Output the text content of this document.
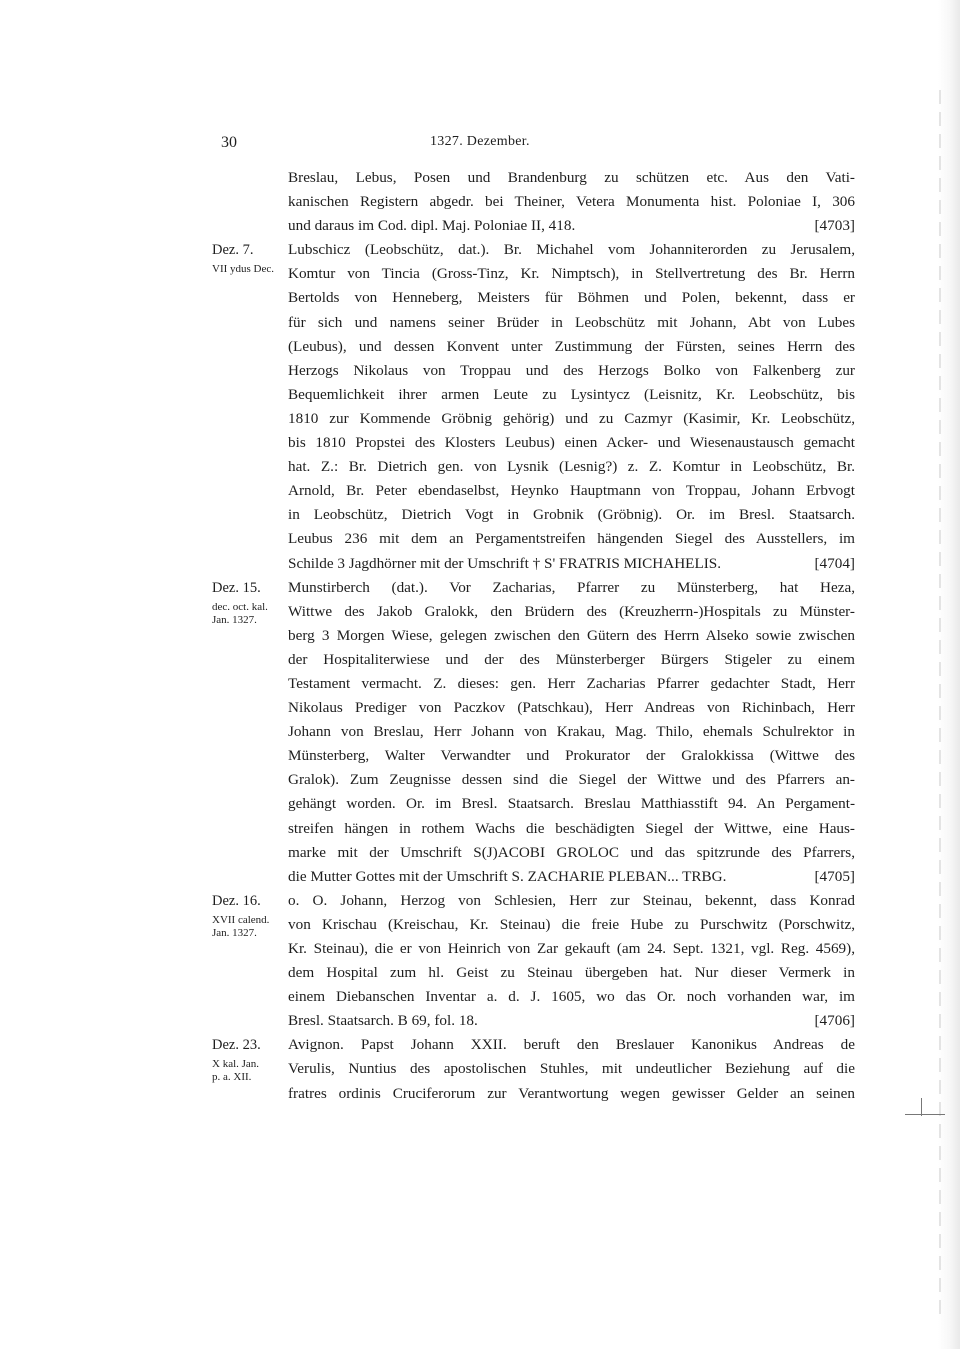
30	1327. Dezember.
Breslau, Lebus, Posen und Brandenburg zu schützen etc. Aus den Vati-
kanischen Registern abgedr. bei Theiner, Vetera Monumenta hist. Poloniae I, 306
und daraus im Cod. dipl. Maj. Poloniae II, 418.	[4703]
Dez. 7.
VII ydus Dec.
Lubschicz (Leobschütz, dat.). Br. Michahel vom Johanniterorden zu Jerusalem,
Komtur von Tincia (Gross-Tinz, Kr. Nimptsch), in Stellvertretung des Br. Herrn
Bertolds von Henneberg, Meisters für Böhmen und Polen, bekennt, dass er
für sich und namens seiner Brüder in Leobschütz mit Johann, Abt von Lubes
(Leubus), und dessen Konvent unter Zustimmung der Fürsten, seines Herrn des
Herzogs Nikolaus von Troppau und des Herzogs Bolko von Falkenberg zur
Bequemlichkeit ihrer armen Leute zu Lysintycz (Leisnitz, Kr. Leobschütz, bis
1810 zur Kommende Gröbnig gehörig) und zu Cazmyr (Kasimir, Kr. Leobschütz,
bis 1810 Propstei des Klosters Leubus) einen Acker- und Wiesenaustausch gemacht
hat. Z.: Br. Dietrich gen. von Lysnik (Lesnig?) z. Z. Komtur in Leobschütz, Br.
Arnold, Br. Peter ebendaselbst, Heynko Hauptmann von Troppau, Johann Erbvogt
in Leobschütz, Dietrich Vogt in Grobnik (Gröbnig). Or. im Bresl. Staatsarch.
Leubus 236 mit dem an Pergamentstreifen hängenden Siegel des Ausstellers, im
Schilde 3 Jagdhörner mit der Umschrift † S' FRATRIS MICHAHELIS.	[4704]
Dez. 15.
dec. oct. kal.
Jan. 1327.
Munstirberch (dat.). Vor Zacharias, Pfarrer zu Münsterberg, hat Heza,
Wittwe des Jakob Gralokk, den Brüdern des (Kreuzherrn-)Hospitals zu Münster-
berg 3 Morgen Wiese, gelegen zwischen den Gütern des Herrn Alseko sowie zwischen
der Hospitaliterwiese und der des Münsterberger Bürgers Stigeler zu einem
Testament vermacht. Z. dieses: gen. Herr Zacharias Pfarrer gedachter Stadt, Herr
Nikolaus Prediger von Paczkov (Patschkau), Herr Andreas von Richinbach, Herr
Johann von Breslau, Herr Johann von Krakau, Mag. Thilo, ehemals Schulrektor in
Münsterberg, Walter Verwandter und Prokurator der Gralokkissa (Wittwe des
Gralok). Zum Zeugnisse dessen sind die Siegel der Wittwe und des Pfarrers an-
gehängt worden. Or. im Bresl. Staatsarch. Breslau Matthiasstift 94. An Pergament-
streifen hängen in rothem Wachs die beschädigten Siegel der Wittwe, eine Haus-
marke mit der Umschrift S(J)ACOBI GROLOC und das spitzrunde des Pfarrers,
die Mutter Gottes mit der Umschrift S. ZACHARIE PLEBAN... TRBG.	[4705]
Dez. 16.
XVII calend.
Jan. 1327.
o. O. Johann, Herzog von Schlesien, Herr zur Steinau, bekennt, dass Konrad
von Krischau (Kreischau, Kr. Steinau) die freie Hube zu Purschwitz (Porschwitz,
Kr. Steinau), die er von Heinrich von Zar gekauft (am 24. Sept. 1321, vgl. Reg. 4569),
dem Hospital zum hl. Geist zu Steinau übergeben hat. Nur dieser Vermerk in
einem Diebanschen Inventar a. d. J. 1605, wo das Or. noch vorhanden war, im
Bresl. Staatsarch. B 69, fol. 18.	[4706]
Dez. 23.
X kal. Jan.
p. a. XII.
Avignon. Papst Johann XXII. beruft den Breslauer Kanonikus Andreas de
Verulis, Nuntius des apostolischen Stuhles, mit undeutlicher Beziehung auf die
fratres ordinis Cruciferorum zur Verantwortung wegen gewisser Gelder an seinen
